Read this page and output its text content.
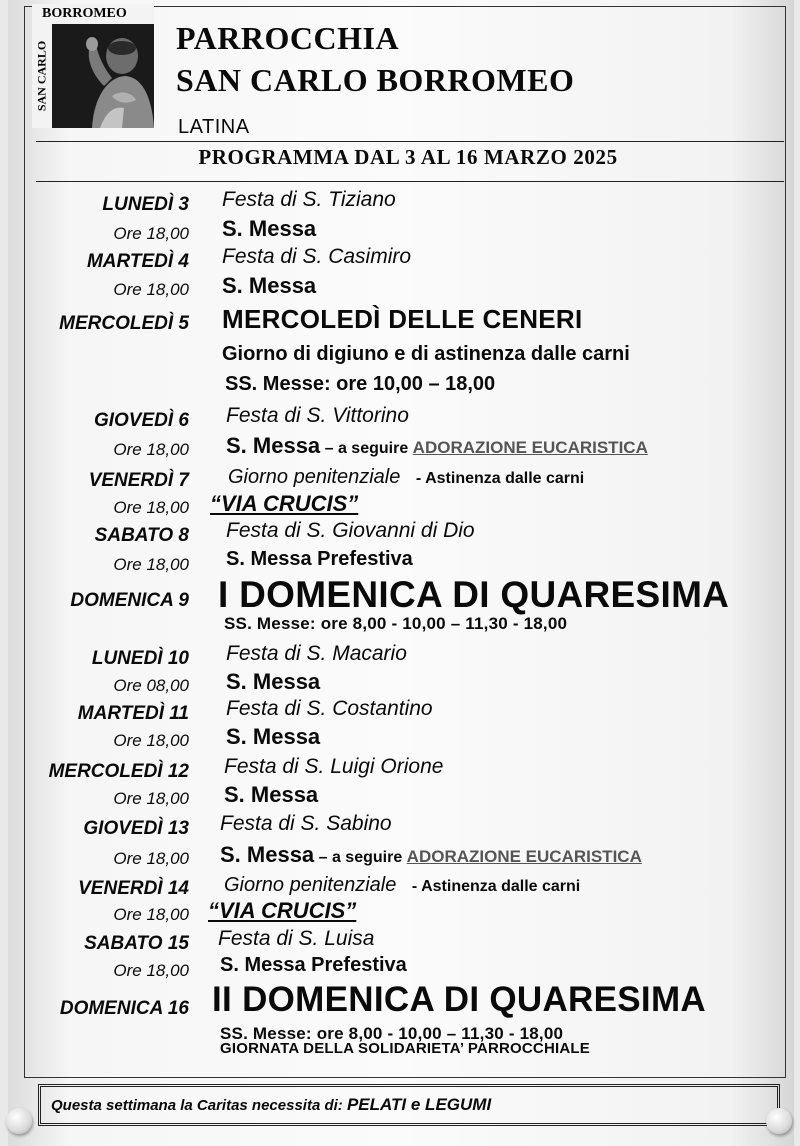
BORROMEO
SAN CARLO
PARROCCHIA
SAN CARLO BORROMEO
LATINA
PROGRAMMA DAL 3 AL 16 MARZO 2025
LUNEDÌ 3 Festa di S. Tiziano
Ore 18,00 S. Messa
MARTEDÌ 4 Festa di S. Casimiro
Ore 18,00 S. Messa
MERCOLEDÌ 5 MERCOLEDÌ DELLE CENERI
Giorno di digiuno e di astinenza dalle carni
SS. Messe: ore 10,00 – 18,00
GIOVEDÌ 6 Festa di S. Vittorino
Ore 18,00 S. Messa – a seguire ADORAZIONE EUCARISTICA
VENERDÌ 7 Giorno penitenziale - Astinenza dalle carni
Ore 18,00 “VIA CRUCIS”
SABATO 8 Festa di S. Giovanni di Dio
Ore 18,00 S. Messa Prefestiva
DOMENICA 9 I DOMENICA DI QUARESIMA
SS. Messe: ore 8,00 - 10,00 – 11,30 - 18,00
LUNEDÌ 10 Festa di S. Macario
Ore 08,00 S. Messa
MARTEDÌ 11 Festa di S. Costantino
Ore 18,00 S. Messa
MERCOLEDÌ 12 Festa di S. Luigi Orione
Ore 18,00 S. Messa
GIOVEDÌ 13 Festa di S. Sabino
Ore 18,00 S. Messa – a seguire ADORAZIONE EUCARISTICA
VENERDÌ 14 Giorno penitenziale - Astinenza dalle carni
Ore 18,00 “VIA CRUCIS”
SABATO 15 Festa di S. Luisa
Ore 18,00 S. Messa Prefestiva
DOMENICA 16 II DOMENICA DI QUARESIMA
SS. Messe: ore 8,00 - 10,00 – 11,30 - 18,00
GIORNATA DELLA SOLIDARIETA’ PARROCCHIALE
Questa settimana la Caritas necessita di: PELATI e LEGUMI
